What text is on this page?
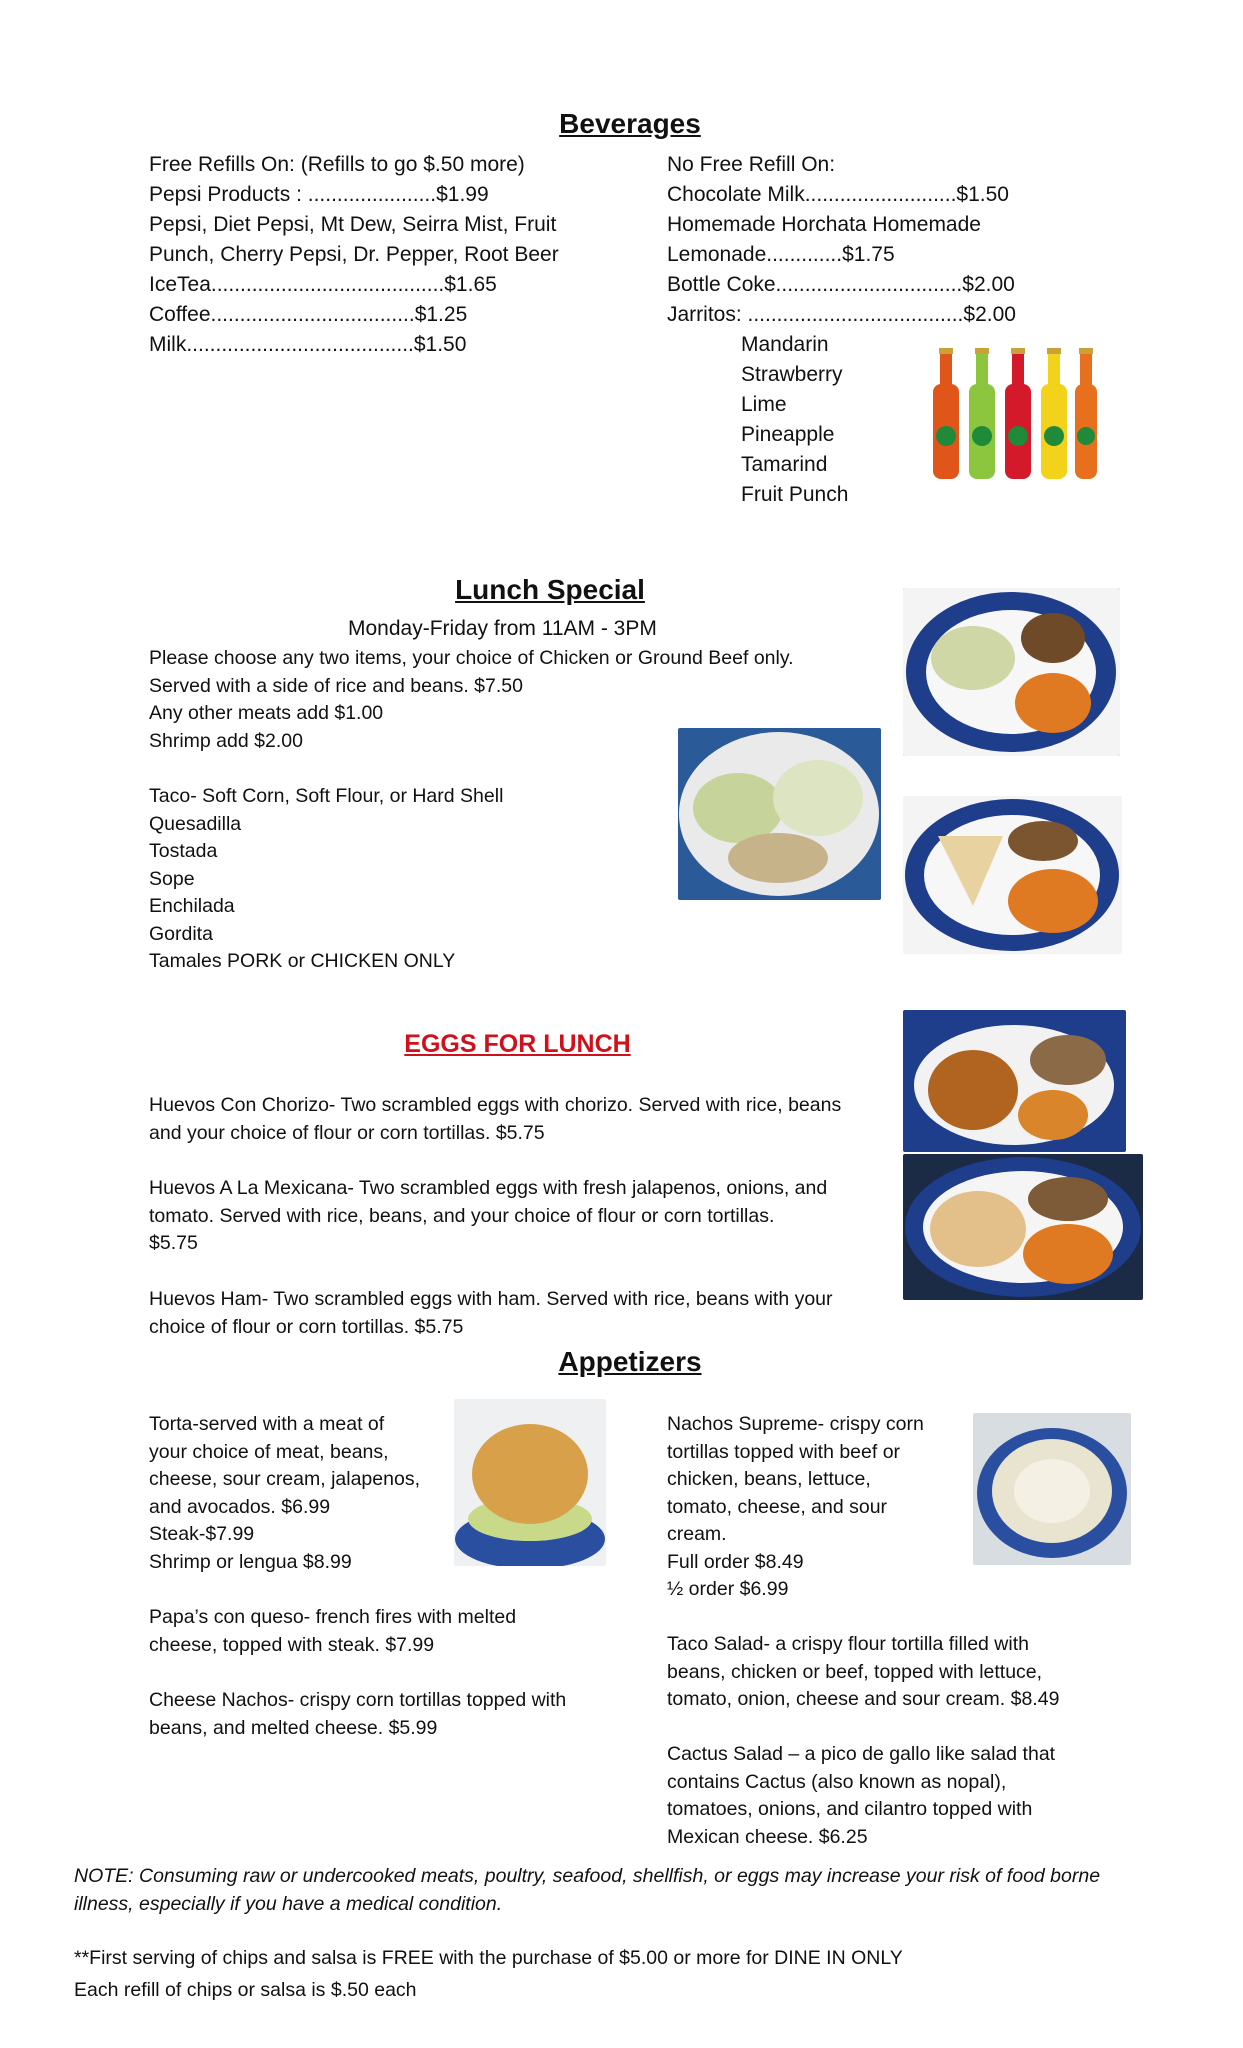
Beverages
Free Refills On: (Refills to go $.50 more)
Pepsi Products : ......................$1.99
Pepsi, Diet Pepsi, Mt Dew, Seirra Mist, Fruit
Punch, Cherry Pepsi, Dr. Pepper, Root Beer
IceTea........................................$1.65
Coffee...................................$1.25
Milk.......................................$1.50
No Free Refill On:
Chocolate Milk..........................$1.50
Homemade Horchata Homemade
Lemonade.............$1.75
Bottle Coke................................$2.00
Jarritos: .....................................$2.00
Mandarin
Strawberry
Lime
Pineapple
Tamarind
Fruit Punch
Lunch Special
Monday-Friday from 11AM - 3PM
Please choose any two items, your choice of Chicken or Ground Beef only.
Served with a side of rice and beans. $7.50
Any other meats add $1.00
Shrimp add $2.00
Taco- Soft Corn, Soft Flour, or Hard Shell
Quesadilla
Tostada
Sope
Enchilada
Gordita
Tamales PORK or CHICKEN ONLY
EGGS FOR LUNCH
Huevos Con Chorizo- Two scrambled eggs with chorizo. Served with rice, beans
and your choice of flour or corn tortillas. $5.75
Huevos A La Mexicana- Two scrambled eggs with fresh jalapenos, onions, and
tomato. Served with rice, beans, and your choice of flour or corn tortillas.
$5.75
Huevos Ham- Two scrambled eggs with ham. Served with rice, beans with your
choice of flour or corn tortillas. $5.75
Appetizers
Torta-served with a meat of
your choice of meat, beans,
cheese, sour cream, jalapenos,
and avocados. $6.99
Steak-$7.99
Shrimp or lengua $8.99
Papa’s con queso- french fires with melted
cheese, topped with steak. $7.99
Cheese Nachos- crispy corn tortillas topped with
beans, and melted cheese. $5.99
Nachos Supreme- crispy corn
tortillas topped with beef or
chicken, beans, lettuce,
tomato, cheese, and sour
cream.
Full order $8.49
½ order $6.99
Taco Salad- a crispy flour tortilla filled with
beans, chicken or beef, topped with lettuce,
tomato, onion, cheese and sour cream. $8.49
Cactus Salad – a pico de gallo like salad that
contains Cactus (also known as nopal),
tomatoes, onions, and cilantro topped with
Mexican cheese. $6.25
NOTE: Consuming raw or undercooked meats, poultry, seafood, shellfish, or eggs may increase your risk of food borne
illness, especially if you have a medical condition.
**First serving of chips and salsa is FREE with the purchase of $5.00 or more for DINE IN ONLY
Each refill of chips or salsa is $.50 each
